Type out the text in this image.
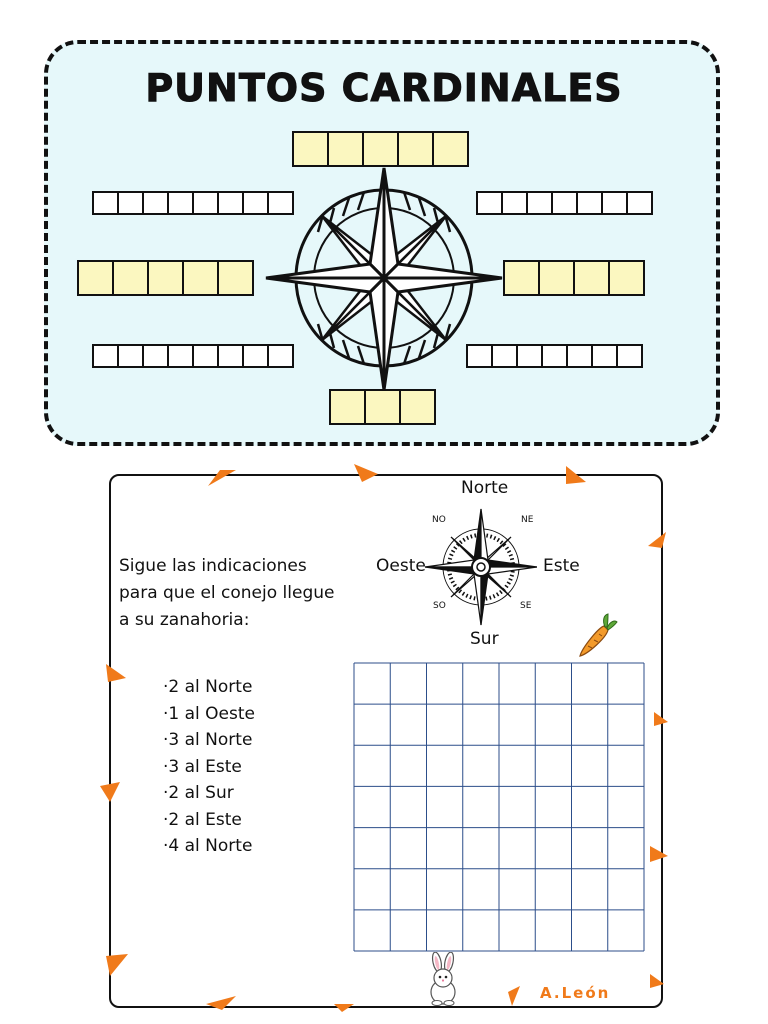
PUNTOS CARDINALES
Sigue las indicaciones para que el conejo llegue a su zanahoria:
·2 al Norte
·1 al Oeste
·3 al Norte
·3 al Este
·2 al Sur
·2 al Este
·4 al Norte
Norte
Sur
Oeste	Este
NO	NE
SO	SE
A.León
